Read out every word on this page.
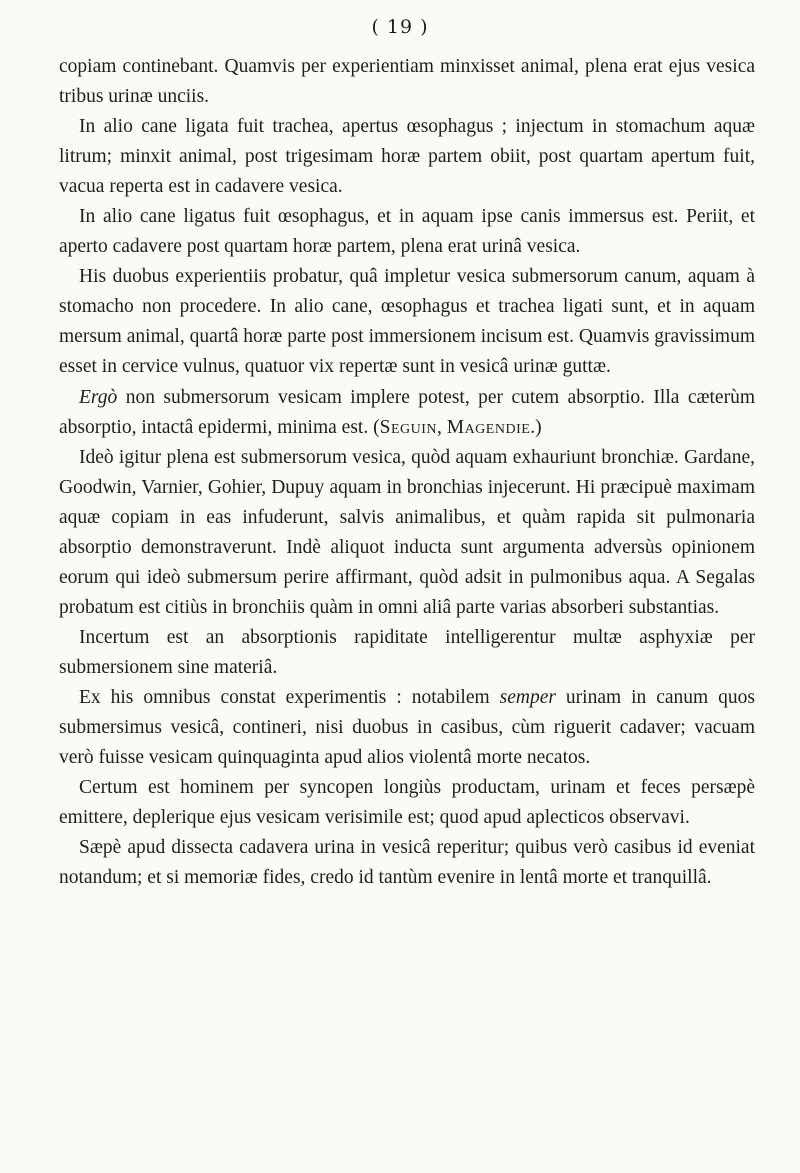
( 19 )

copiam continebant. Quamvis per experientiam minxisset animal, plena erat ejus vesica tribus urinæ unciis.

In alio cane ligata fuit trachea, apertus œsophagus ; injectum in stomachum aquæ litrum; minxit animal, post trigesimam horæ partem obiit, post quartam apertum fuit, vacua reperta est in cadavere vesica.

In alio cane ligatus fuit œsophagus, et in aquam ipse canis immersus est. Periit, et aperto cadavere post quartam horæ partem, plena erat urinâ vesica.

His duobus experientiis probatur, quâ impletur vesica submersorum canum, aquam à stomacho non procedere. In alio cane, œsophagus et trachea ligati sunt, et in aquam mersum animal, quartâ horæ parte post immersionem incisum est. Quamvis gravissimum esset in cervice vulnus, quatuor vix repertæ sunt in vesicâ urinæ guttæ.

Ergò non submersorum vesicam implere potest, per cutem absorptio. Illa cæterùm absorptio, intactâ epidermi, minima est. (Seguin, Magendie.)

Ideò igitur plena est submersorum vesica, quòd aquam exhauriunt bronchiæ. Gardane, Goodwin, Varnier, Gohier, Dupuy aquam in bronchias injecerunt. Hi præcipuè maximam aquæ copiam in eas infuderunt, salvis animalibus, et quàm rapida sit pulmonaria absorptio demonstraverunt. Indè aliquot inducta sunt argumenta adversùs opinionem eorum qui ideò submersum perire affirmant, quòd adsit in pulmonibus aqua. A Segalas probatum est citiùs in bronchiis quàm in omni aliâ parte varias absorberi substantias.

Incertum est an absorptionis rapiditate intelligerentur multæ asphyxiæ per submersionem sine materiâ.

Ex his omnibus constat experimentis : notabilem semper urinam in canum quos submersimus vesicâ, contineri, nisi duobus in casibus, cùm riguerit cadaver; vacuam verò fuisse vesicam quinquaginta apud alios violentâ morte necatos.

Certum est hominem per syncopen longiùs productam, urinam et feces persæpè emittere, deplerique ejus vesicam verisimile est; quod apud aplecticos observavi.

Sæpè apud dissecta cadavera urina in vesicâ reperitur; quibus verò casibus id eveniat notandum; et si memoriæ fides, credo id tantùm evenire in lentâ morte et tranquillâ.
